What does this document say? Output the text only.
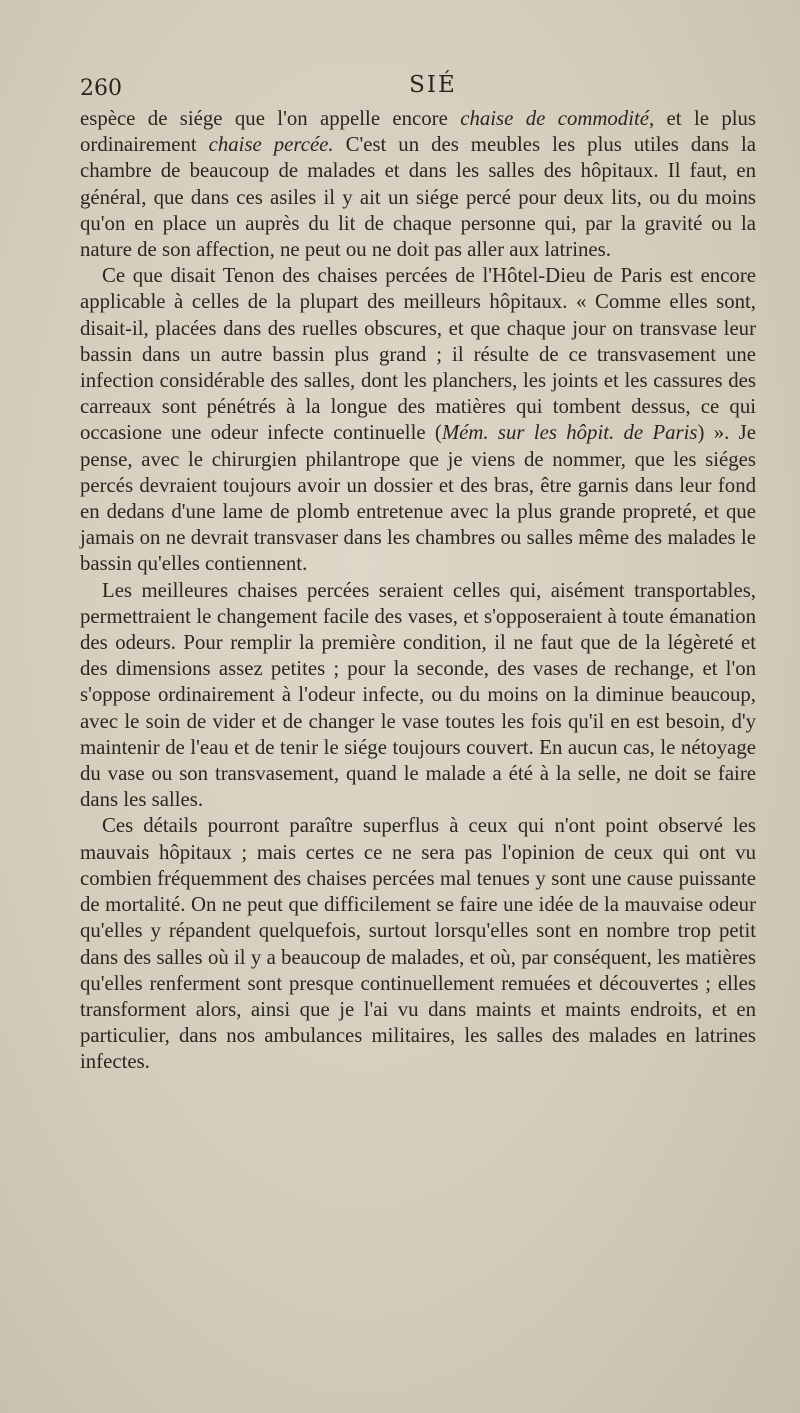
260	SIÉ

espèce de siége que l'on appelle encore chaise de commodité, et le plus ordinairement chaise percée. C'est un des meubles les plus utiles dans la chambre de beaucoup de malades et dans les salles des hôpitaux. Il faut, en général, que dans ces asiles il y ait un siége percé pour deux lits, ou du moins qu'on en place un auprès du lit de chaque personne qui, par la gravité ou la nature de son affection, ne peut ou ne doit pas aller aux latrines.

Ce que disait Tenon des chaises percées de l'Hôtel-Dieu de Paris est encore applicable à celles de la plupart des meilleurs hôpitaux. « Comme elles sont, disait-il, placées dans des ruelles obscures, et que chaque jour on transvase leur bassin dans un autre bassin plus grand ; il résulte de ce transvasement une infection considérable des salles, dont les planchers, les joints et les cassures des carreaux sont pénétrés à la longue des matières qui tombent dessus, ce qui occasione une odeur infecte continuelle (Mém. sur les hôpit. de Paris) ». Je pense, avec le chirurgien philantrope que je viens de nommer, que les siéges percés devraient toujours avoir un dossier et des bras, être garnis dans leur fond en dedans d'une lame de plomb entretenue avec la plus grande propreté, et que jamais on ne devrait transvaser dans les chambres ou salles même des malades le bassin qu'elles contiennent.

Les meilleures chaises percées seraient celles qui, aisément transportables, permettraient le changement facile des vases, et s'opposeraient à toute émanation des odeurs. Pour remplir la première condition, il ne faut que de la légèreté et des dimensions assez petites ; pour la seconde, des vases de rechange, et l'on s'oppose ordinairement à l'odeur infecte, ou du moins on la diminue beaucoup, avec le soin de vider et de changer le vase toutes les fois qu'il en est besoin, d'y maintenir de l'eau et de tenir le siége toujours couvert. En aucun cas, le nétoyage du vase ou son transvasement, quand le malade a été à la selle, ne doit se faire dans les salles.

Ces détails pourront paraître superflus à ceux qui n'ont point observé les mauvais hôpitaux ; mais certes ce ne sera pas l'opinion de ceux qui ont vu combien fréquemment des chaises percées mal tenues y sont une cause puissante de mortalité. On ne peut que difficilement se faire une idée de la mauvaise odeur qu'elles y répandent quelquefois, surtout lorsqu'elles sont en nombre trop petit dans des salles où il y a beaucoup de malades, et où, par conséquent, les matières qu'elles renferment sont presque continuellement remuées et découvertes ; elles transforment alors, ainsi que je l'ai vu dans maints et maints endroits, et en particulier, dans nos ambulances militaires, les salles des malades en latrines infectes.
